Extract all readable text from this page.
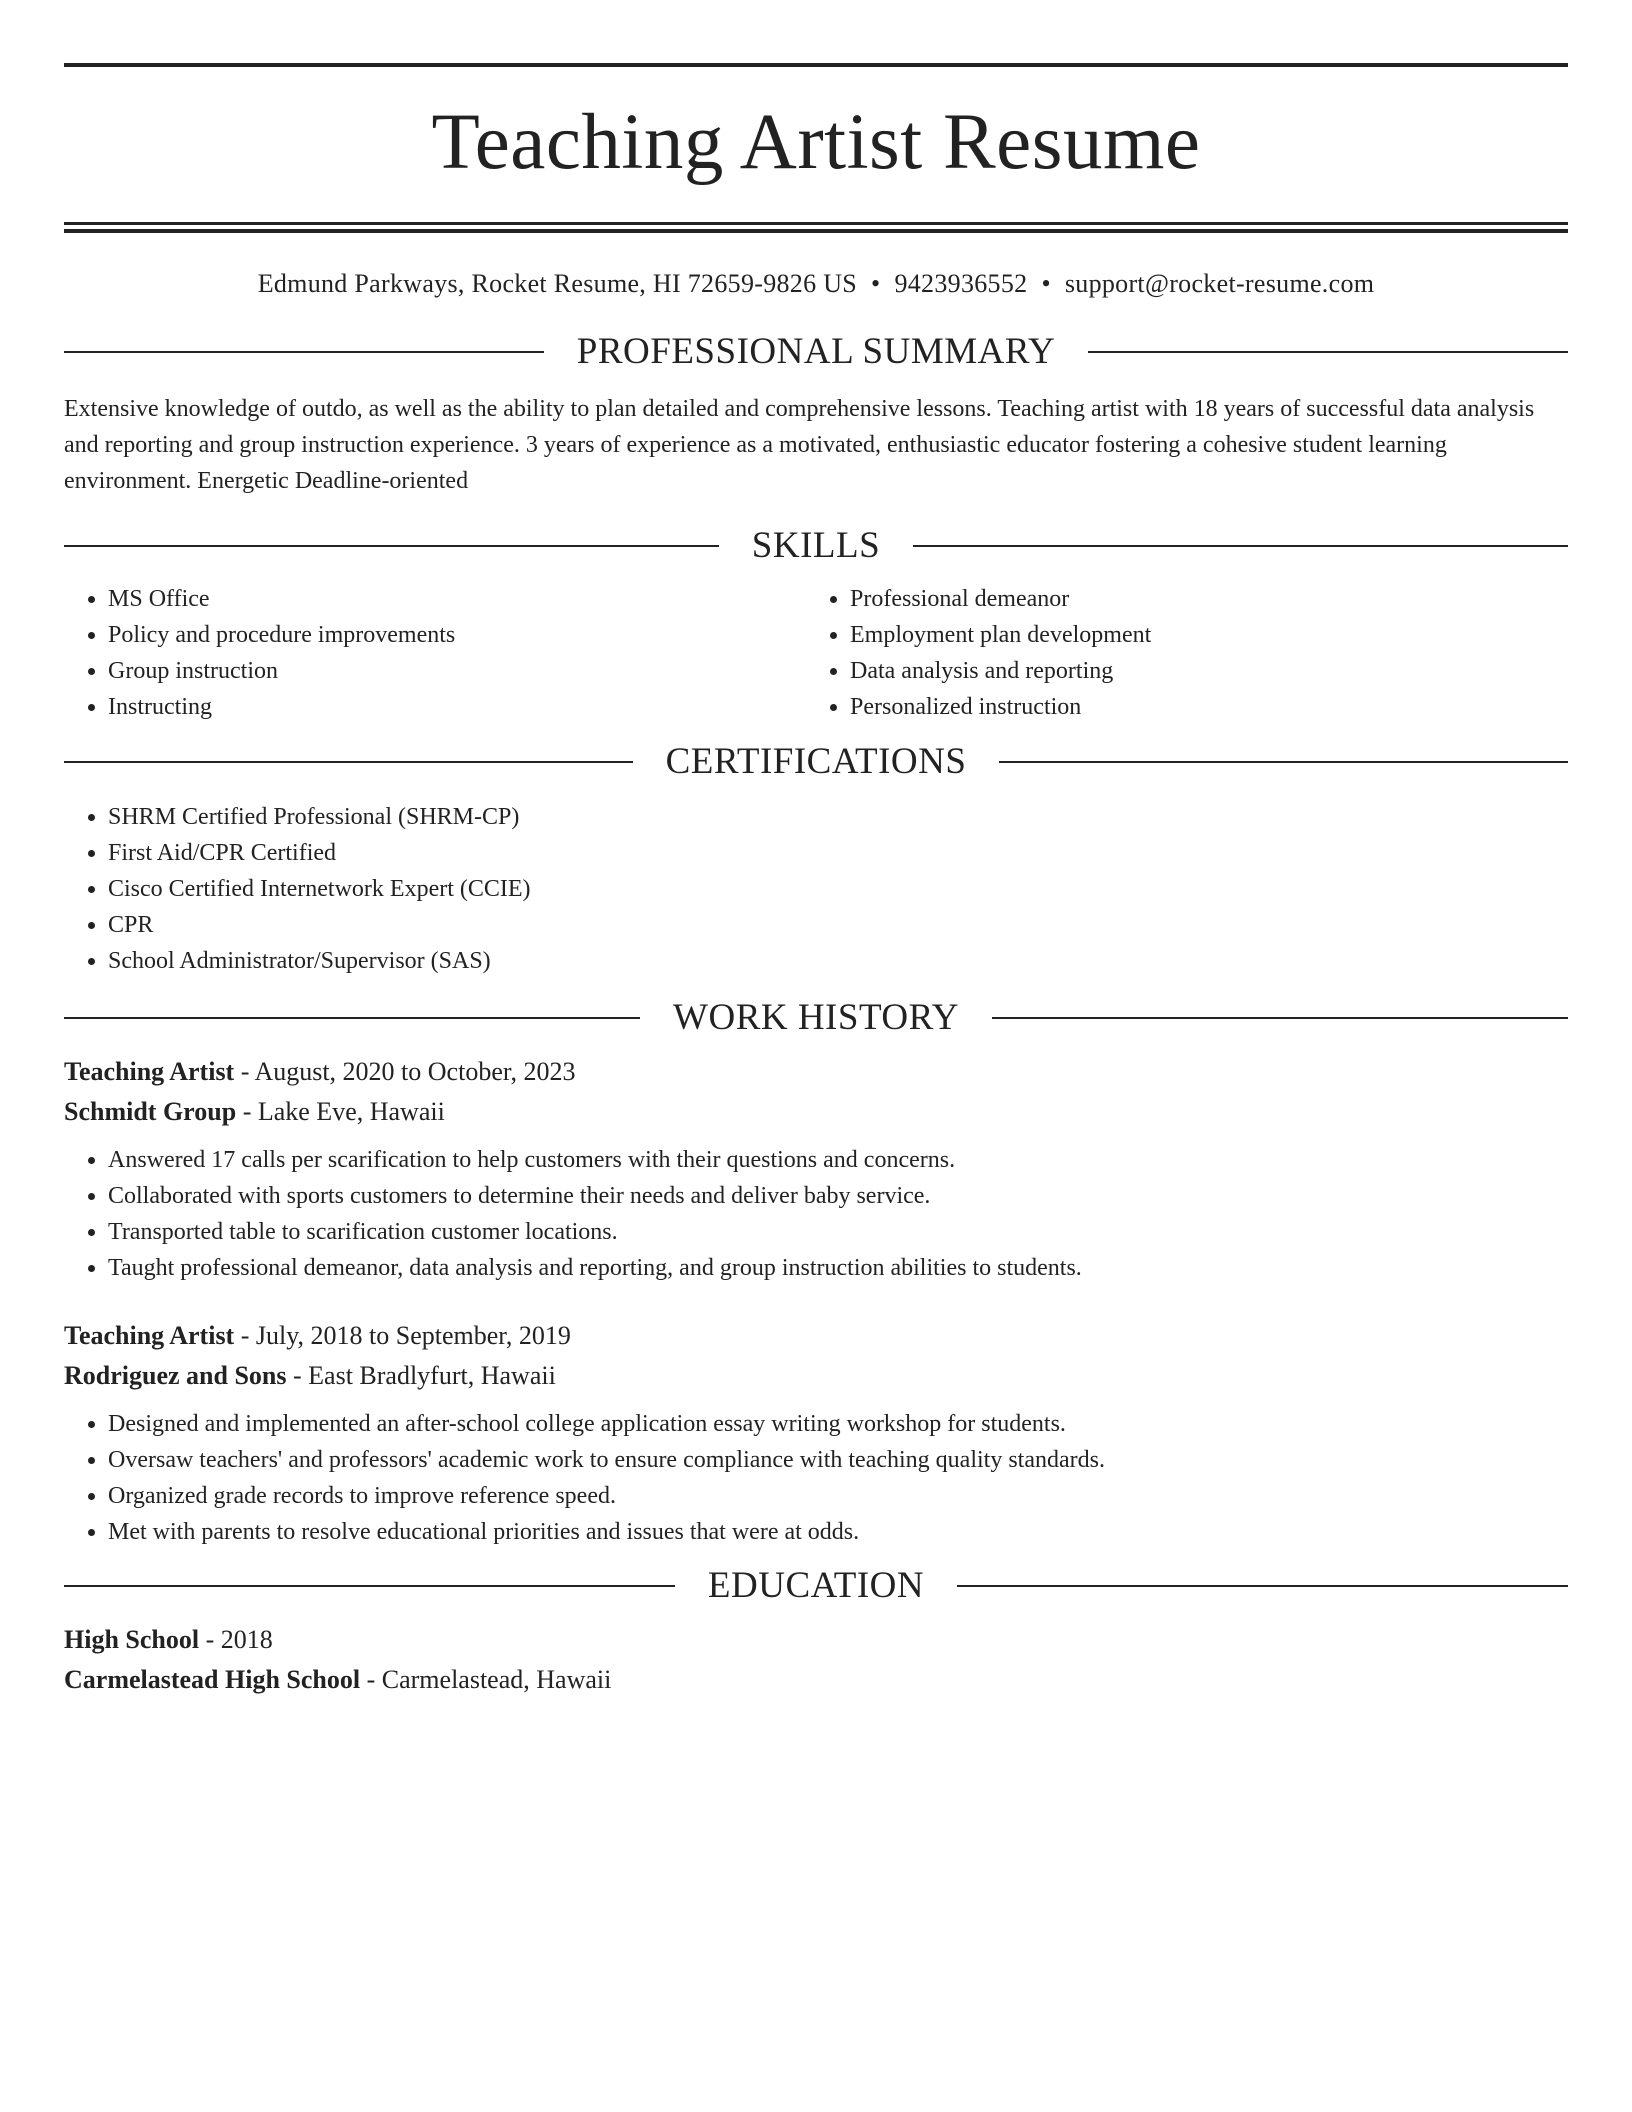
Teaching Artist Resume
Edmund Parkways, Rocket Resume, HI 72659-9826 US • 9423936552 • support@rocket-resume.com
PROFESSIONAL SUMMARY

Extensive knowledge of outdo, as well as the ability to plan detailed and comprehensive lessons. Teaching artist with 18 years of successful data analysis and reporting and group instruction experience. 3 years of experience as a motivated, enthusiastic educator fostering a cohesive student learning environment. Energetic Deadline-oriented

SKILLS
• MS Office
• Policy and procedure improvements
• Group instruction
• Instructing
• Professional demeanor
• Employment plan development
• Data analysis and reporting
• Personalized instruction
CERTIFICATIONS
• SHRM Certified Professional (SHRM-CP)
• First Aid/CPR Certified
• Cisco Certified Internetwork Expert (CCIE)
• CPR
• School Administrator/Supervisor (SAS)
WORK HISTORY
Teaching Artist - August, 2020 to October, 2023
Schmidt Group - Lake Eve, Hawaii
• Answered 17 calls per scarification to help customers with their questions and concerns.
• Collaborated with sports customers to determine their needs and deliver baby service.
• Transported table to scarification customer locations.
• Taught professional demeanor, data analysis and reporting, and group instruction abilities to students.
Teaching Artist - July, 2018 to September, 2019
Rodriguez and Sons - East Bradlyfurt, Hawaii
• Designed and implemented an after-school college application essay writing workshop for students.
• Oversaw teachers' and professors' academic work to ensure compliance with teaching quality standards.
• Organized grade records to improve reference speed.
• Met with parents to resolve educational priorities and issues that were at odds.
EDUCATION
High School - 2018
Carmelastead High School - Carmelastead, Hawaii
